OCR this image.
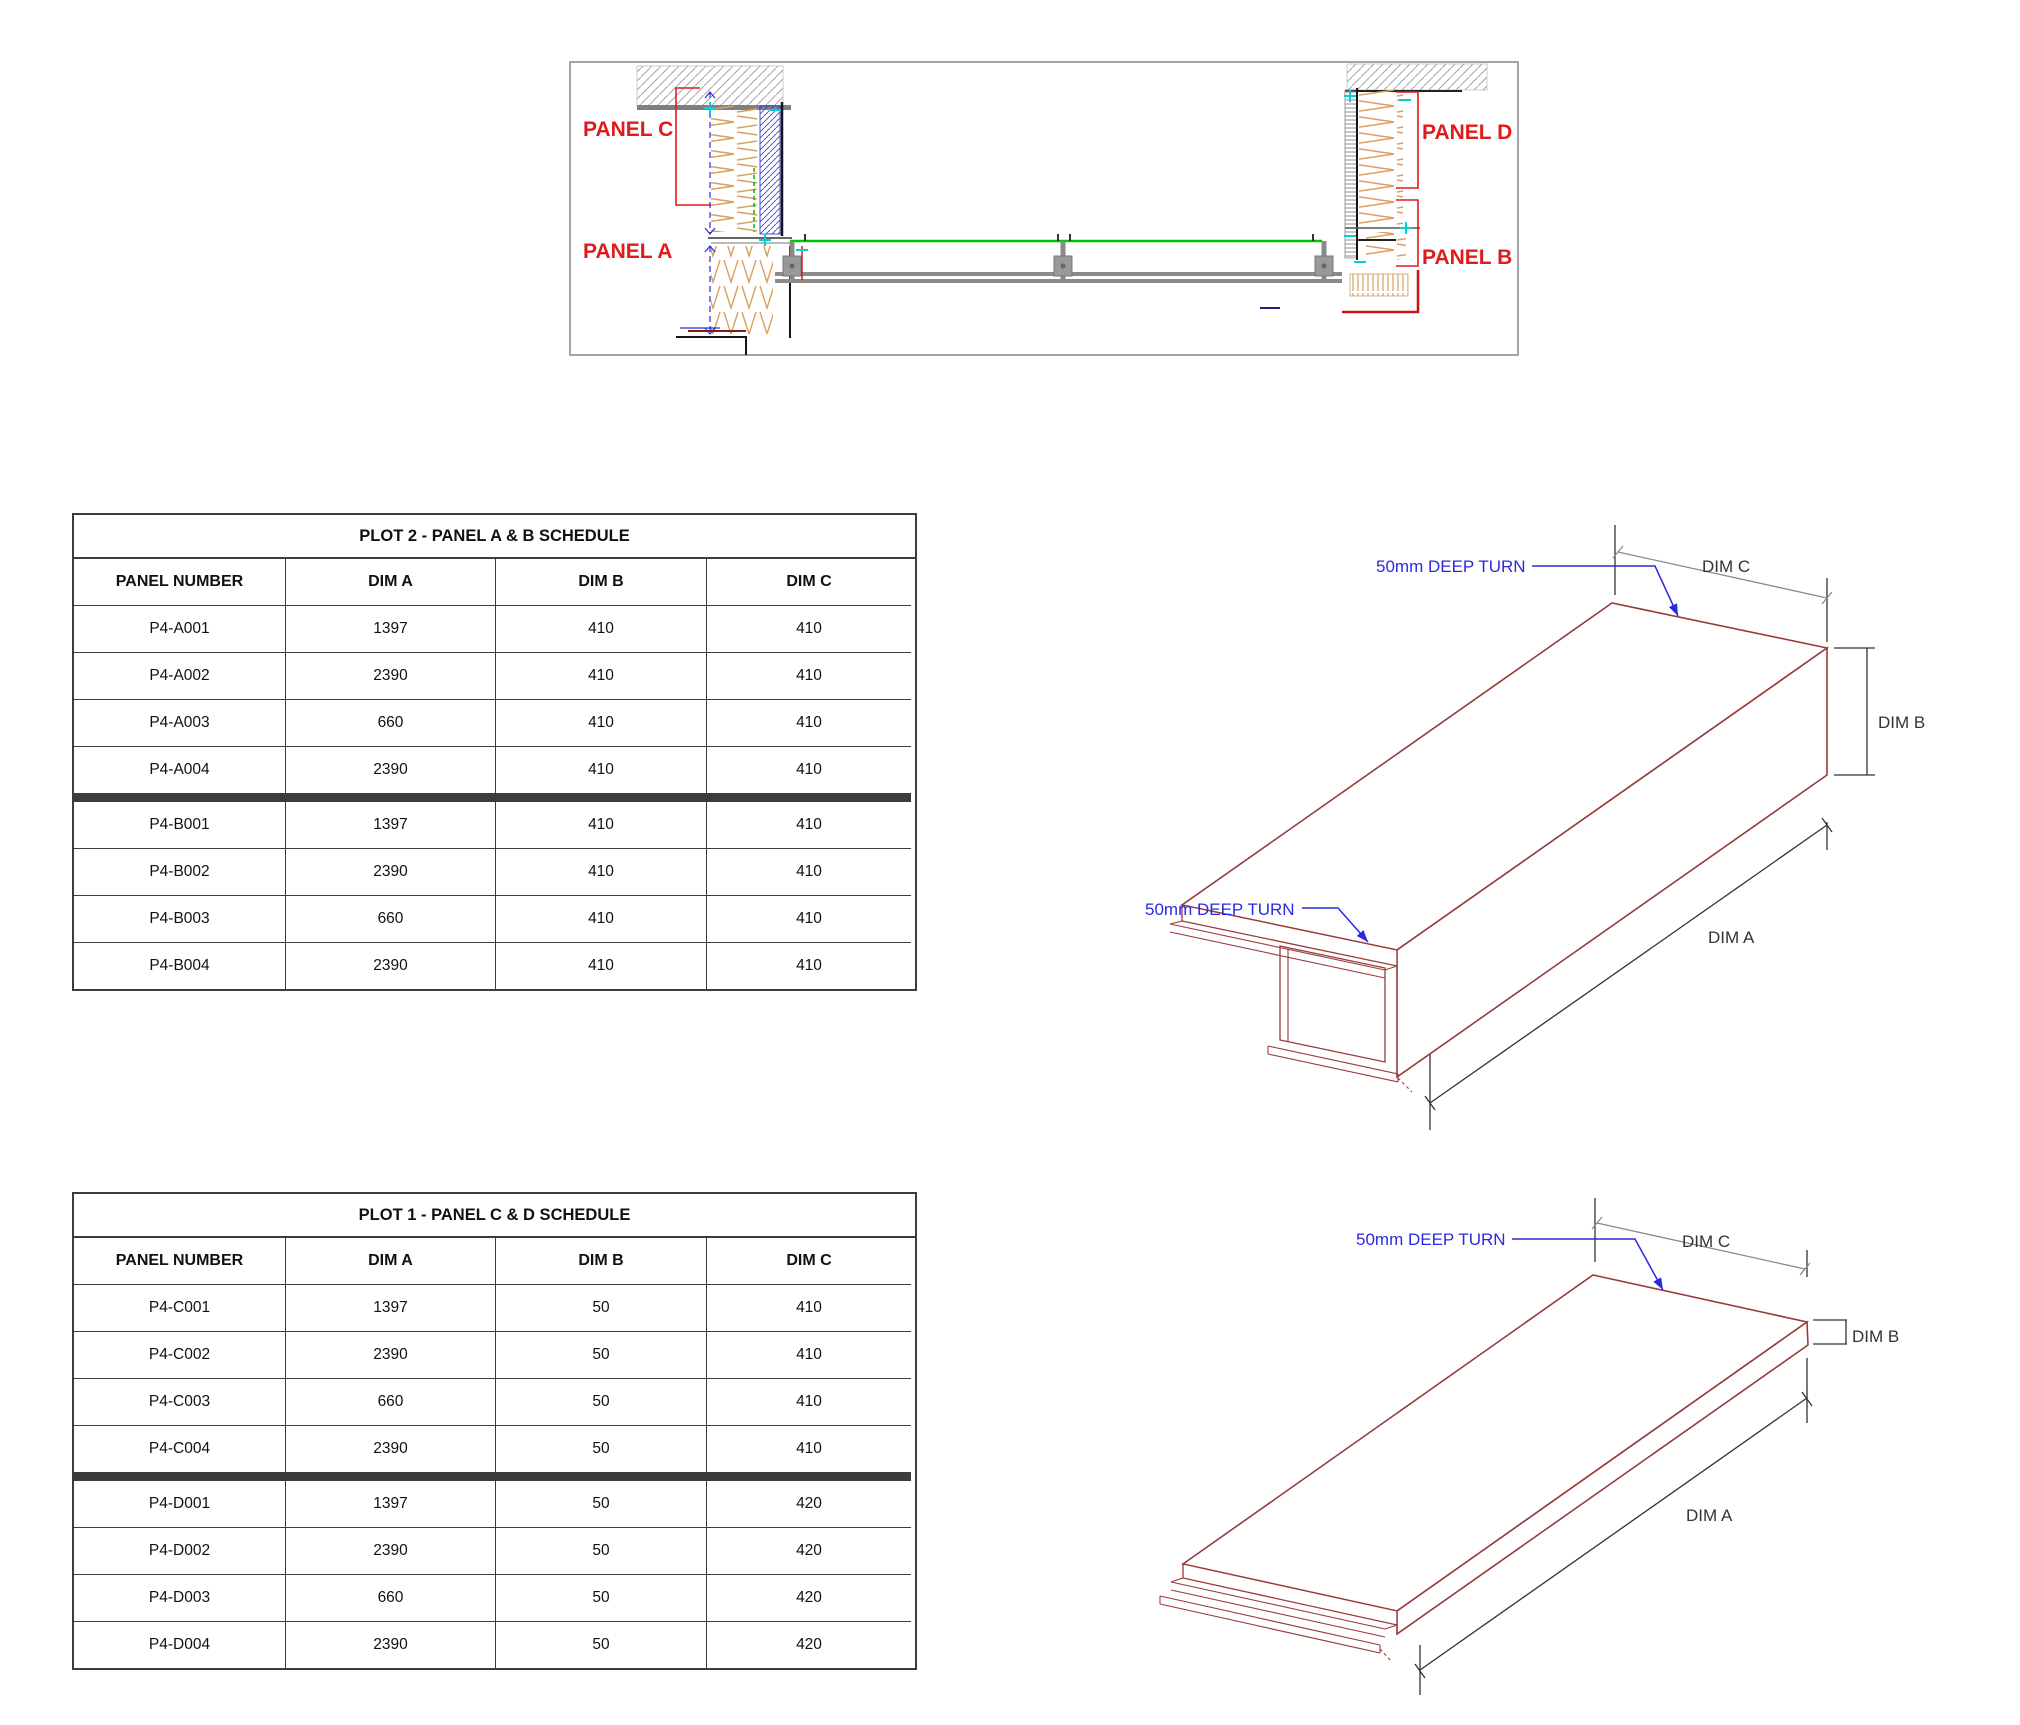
PANEL C
PANEL A
PANEL D
PANEL B
PLOT 2 - PANEL A & B SCHEDULE
PANEL NUMBER	DIM A	DIM B	DIM C
P4-A001	1397	410	410
P4-A002	2390	410	410
P4-A003	660	410	410
P4-A004	2390	410	410
P4-B001	1397	410	410
P4-B002	2390	410	410
P4-B003	660	410	410
P4-B004	2390	410	410
PLOT 1 - PANEL C & D SCHEDULE
PANEL NUMBER	DIM A	DIM B	DIM C
P4-C001	1397	50	410
P4-C002	2390	50	410
P4-C003	660	50	410
P4-C004	2390	50	410
P4-D001	1397	50	420
P4-D002	2390	50	420
P4-D003	660	50	420
P4-D004	2390	50	420
50mm DEEP TURN
50mm DEEP TURN
DIM C
DIM B
DIM A
50mm DEEP TURN	DIM C
DIM B
DIM A
